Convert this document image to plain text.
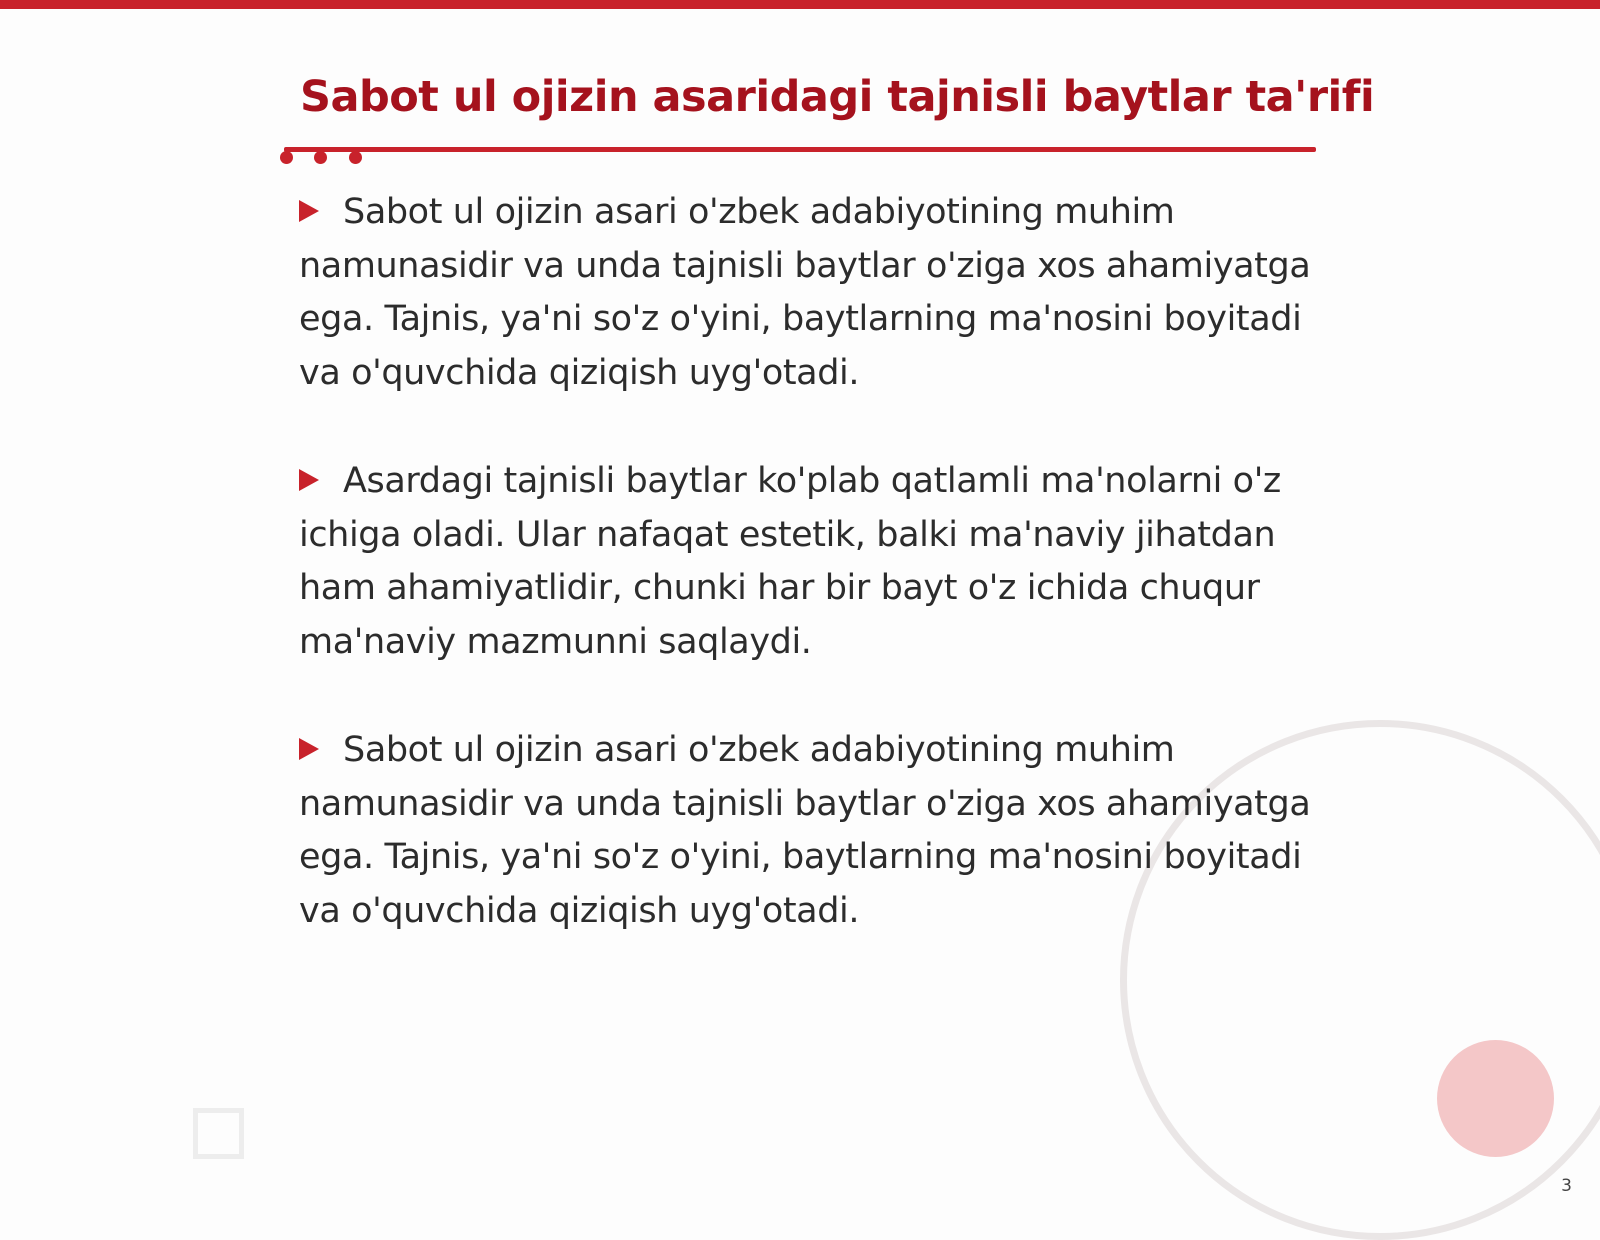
Sabot ul ojizin asaridagi tajnisli baytlar ta'rifi

Sabot ul ojizin asari o'zbek adabiyotining muhim namunasidir va unda tajnisli baytlar o'ziga xos ahamiyatga ega. Tajnis, ya'ni so'z o'yini, baytlarning ma'nosini boyitadi va o'quvchida qiziqish uyg'otadi.

Asardagi tajnisli baytlar ko'plab qatlamli ma'nolarni o'z ichiga oladi. Ular nafaqat estetik, balki ma'naviy jihatdan ham ahamiyatlidir, chunki har bir bayt o'z ichida chuqur ma'naviy mazmunni saqlaydi.

Sabot ul ojizin asari o'zbek adabiyotining muhim namunasidir va unda tajnisli baytlar o'ziga xos ahamiyatga ega. Tajnis, ya'ni so'z o'yini, baytlarning ma'nosini boyitadi va o'quvchida qiziqish uyg'otadi.

3
